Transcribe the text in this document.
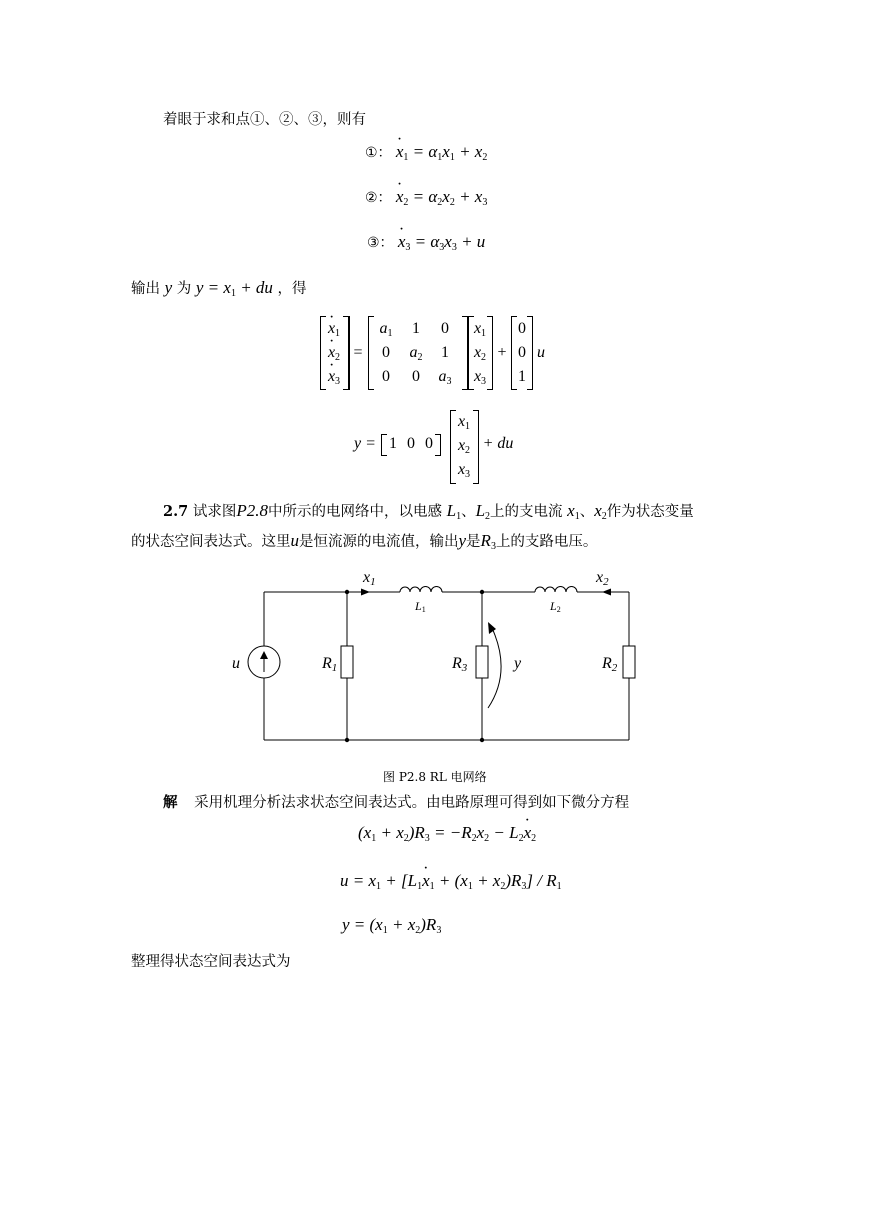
着眼于求和点①、②、③，则有
①： $x \cdot_1 = \alpha_1x_1 + x_2$
②： $x \cdot_2 = \alpha_2x_2 + x_3$
③： $x \cdot_3 = \alpha_3x_3 + u$
输出 y 为 $y = x_1$ + du ，得
$x \cdot_1$
$x \cdot_2$
$x \cdot_3$
=
$a_1$	1	0
0	$a_2$	1
0	0	$a_3$
$x_1$
$x_2$
$x_3$
+
0
0
1
u
y = 1 0 0
$x_1$
$x_2$
$x_3$
+ du
2.7 试求图P2.8中所示的电网络中，以电感 $L_1$、$L_2$上的支电流 $x_1$、$x_2$作为状态变量
的状态空间表达式。这里u是恒流源的电流值，输出y是$R_3$上的支路电压。
u
x1	x2
L1	L2
R1	R3	R2
y
图 P2.8 RL 电网络
解 采用机理分析法求状态空间表达式。由电路原理可得到如下微分方程
$(x_1 + x_2)R_3 = -R_2x_2 - L_2x \cdot_2$
$u = x_1 + [L_1x \cdot_1 + (x_1 + x_2)R_3] / R_1$
$y = (x_1 + x_2)R_3$
整理得状态空间表达式为
